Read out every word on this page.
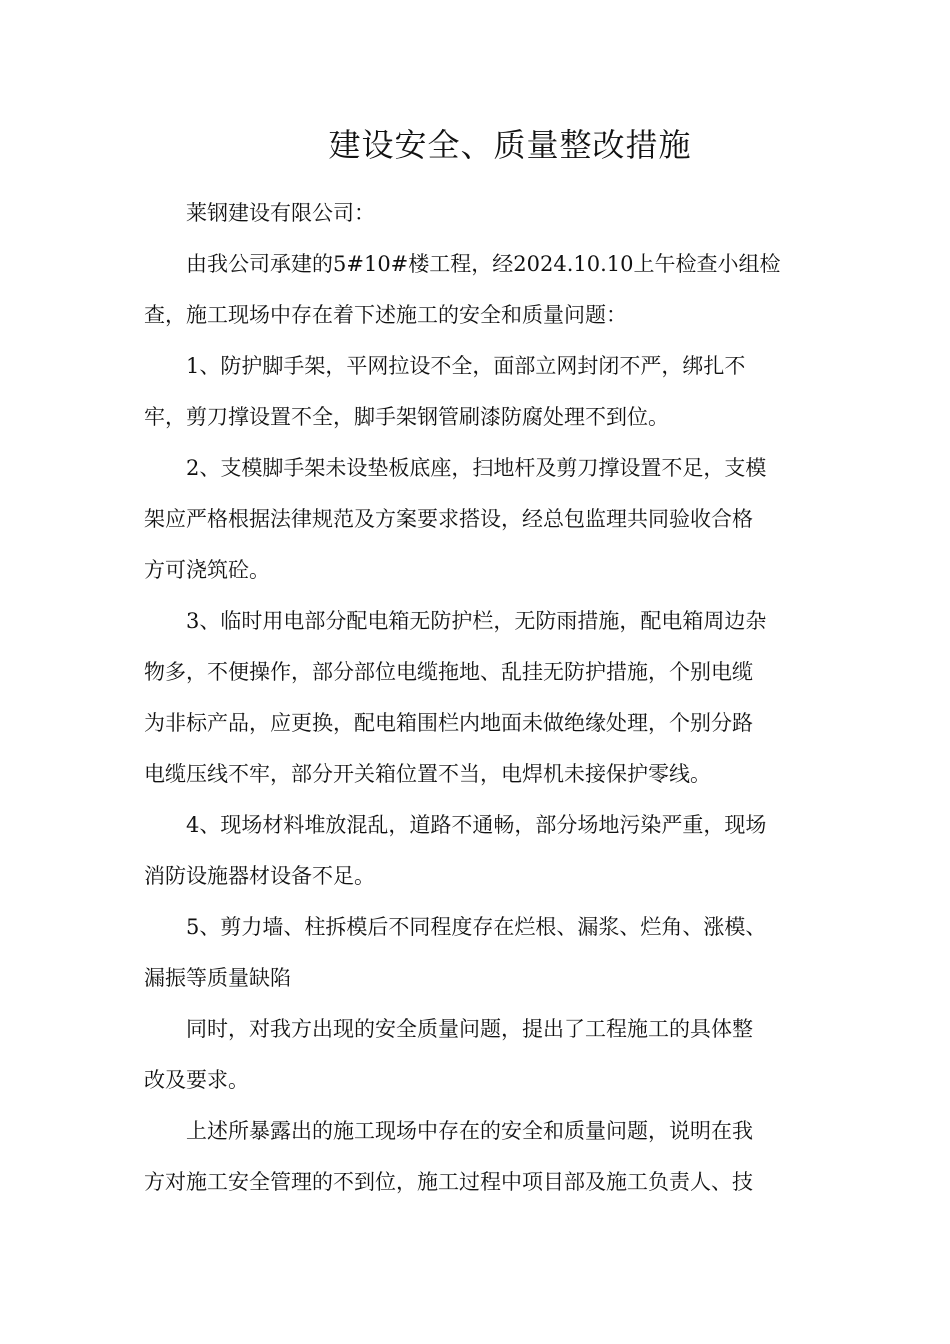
建设安全、质量整改措施

莱钢建设有限公司：

由我公司承建的5#10#楼工程，经2024.10.10上午检查小组检
查，施工现场中存在着下述施工的安全和质量问题：

1、防护脚手架，平网拉设不全，面部立网封闭不严，绑扎不
牢，剪刀撑设置不全，脚手架钢管刷漆防腐处理不到位。

2、支模脚手架未设垫板底座，扫地杆及剪刀撑设置不足，支模
架应严格根据法律规范及方案要求搭设，经总包监理共同验收合格
方可浇筑砼。

3、临时用电部分配电箱无防护栏，无防雨措施，配电箱周边杂
物多，不便操作，部分部位电缆拖地、乱挂无防护措施，个别电缆
为非标产品，应更换，配电箱围栏内地面未做绝缘处理，个别分路
电缆压线不牢，部分开关箱位置不当，电焊机未接保护零线。

4、现场材料堆放混乱，道路不通畅，部分场地污染严重，现场
消防设施器材设备不足。

5、剪力墙、柱拆模后不同程度存在烂根、漏浆、烂角、涨模、
漏振等质量缺陷

同时，对我方出现的安全质量问题，提出了工程施工的具体整
改及要求。

上述所暴露出的施工现场中存在的安全和质量问题，说明在我
方对施工安全管理的不到位，施工过程中项目部及施工负责人、技
